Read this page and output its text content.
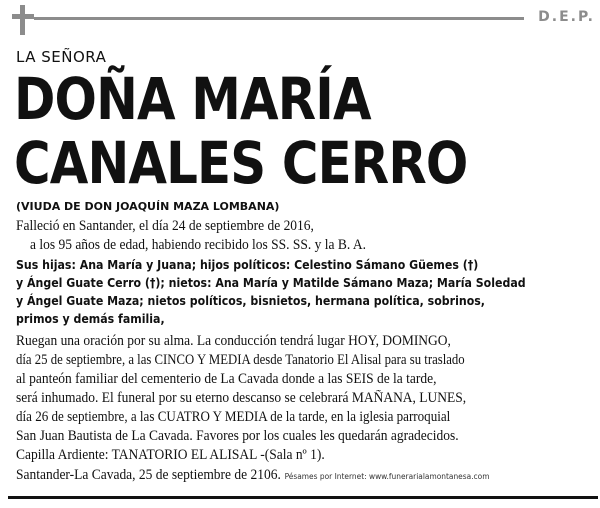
D.E.P.
LA SEÑORA
DOÑA MARÍA
CANALES CERRO
(VIUDA DE DON JOAQUÍN MAZA LOMBANA)
Falleció en Santander, el día 24 de septiembre de 2016,
a los 95 años de edad, habiendo recibido los SS. SS. y la B. A.
Sus hijas: Ana María y Juana; hijos políticos: Celestino Sámano Güemes (†)
y Ángel Guate Cerro (†); nietos: Ana María y Matilde Sámano Maza; María Soledad
y Ángel Guate Maza; nietos políticos, bisnietos, hermana política, sobrinos,
primos y demás familia,
Ruegan una oración por su alma. La conducción tendrá lugar HOY, DOMINGO,
día 25 de septiembre, a las CINCO Y MEDIA desde Tanatorio El Alisal para su traslado
al panteón familiar del cementerio de La Cavada donde a las SEIS de la tarde,
será inhumado. El funeral por su eterno descanso se celebrará MAÑANA, LUNES,
día 26 de septiembre, a las CUATRO Y MEDIA de la tarde, en la iglesia parroquial
San Juan Bautista de La Cavada. Favores por los cuales les quedarán agradecidos.
Capilla Ardiente: TANATORIO EL ALISAL -(Sala nº 1).
Santander-La Cavada, 25 de septiembre de 2106. Pésames por Internet: www.funerarialamontanesa.com
